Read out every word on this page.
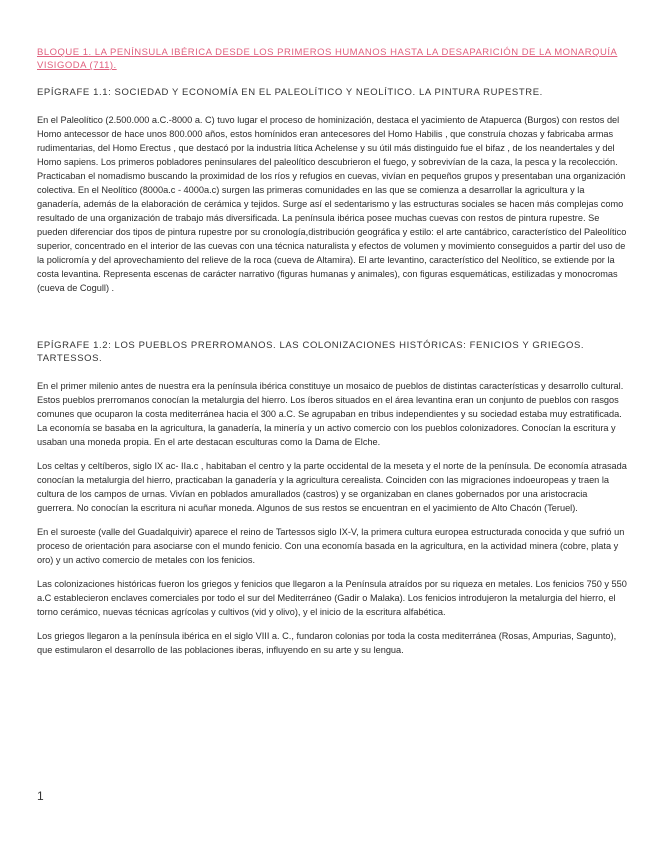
BLOQUE 1. LA PENÍNSULA IBÉRICA DESDE LOS PRIMEROS HUMANOS HASTA LA DESAPARICIÓN DE LA MONARQUÍA VISIGODA (711).
EPÍGRAFE 1.1: SOCIEDAD Y ECONOMÍA EN EL PALEOLÍTICO Y NEOLÍTICO. LA PINTURA RUPESTRE.

En el Paleolítico (2.500.000 a.C.-8000 a. C) tuvo lugar el proceso de hominización, destaca el yacimiento de Atapuerca (Burgos) con restos del Homo antecessor de hace unos 800.000 años, estos homínidos eran antecesores del Homo Habilis , que construía chozas y fabricaba armas rudimentarias, del Homo Erectus , que destacó por la industria lítica Achelense y su útil más distinguido fue el bifaz , de los neandertales y del Homo sapiens. Los primeros pobladores peninsulares del paleolítico descubrieron el fuego, y sobrevivían de la caza, la pesca y la recolección. Practicaban el nomadismo buscando la proximidad de los ríos y refugios en cuevas, vivían en pequeños grupos y presentaban una organización colectiva. En el Neolítico (8000a.c - 4000a.c) surgen las primeras comunidades en las que se comienza a desarrollar la agricultura y la ganadería, además de la elaboración de cerámica y tejidos. Surge así el sedentarismo y las estructuras sociales se hacen más complejas como resultado de una organización de trabajo más diversificada. La península ibérica posee muchas cuevas con restos de pintura rupestre. Se pueden diferenciar dos tipos de pintura rupestre por su cronología,distribución geográfica y estilo: el arte cantábrico, característico del Paleolítico superior, concentrado en el interior de las cuevas con una técnica naturalista y efectos de volumen y movimiento conseguidos a partir del uso de la policromía y del aprovechamiento del relieve de la roca (cueva de Altamira). El arte levantino, característico del Neolítico, se extiende por la costa levantina. Representa escenas de carácter narrativo (figuras humanas y animales), con figuras esquemáticas, estilizadas y monocromas (cueva de Cogull) .

EPÍGRAFE 1.2: LOS PUEBLOS PRERROMANOS. LAS COLONIZACIONES HISTÓRICAS: FENICIOS Y GRIEGOS. TARTESSOS.

En el primer milenio antes de nuestra era la península ibérica constituye un mosaico de pueblos de distintas características y desarrollo cultural. Estos pueblos prerromanos conocían la metalurgia del hierro. Los íberos situados en el área levantina eran un conjunto de pueblos con rasgos comunes que ocuparon la costa mediterránea hacia el 300 a.C. Se agrupaban en tribus independientes y su sociedad estaba muy estratificada. La economía se basaba en la agricultura, la ganadería, la minería y un activo comercio con los pueblos colonizadores. Conocían la escritura y usaban una moneda propia. En el arte destacan esculturas como la Dama de Elche.

Los celtas y celtíberos, siglo IX ac- IIa.c , habitaban el centro y la parte occidental de la meseta y el norte de la península. De economía atrasada conocían la metalurgia del hierro, practicaban la ganadería y la agricultura cerealista. Coinciden con las migraciones indoeuropeas y traen la cultura de los campos de urnas. Vivían en poblados amurallados (castros) y se organizaban en clanes gobernados por una aristocracia guerrera. No conocían la escritura ni acuñar moneda. Algunos de sus restos se encuentran en el yacimiento de Alto Chacón (Teruel).

En el suroeste (valle del Guadalquivir) aparece el reino de Tartessos siglo IX-V, la primera cultura europea estructurada conocida y que sufrió un proceso de orientación para asociarse con el mundo fenicio. Con una economía basada en la agricultura, en la actividad minera (cobre, plata y oro) y un activo comercio de metales con los fenicios.

Las colonizaciones históricas fueron los griegos y fenicios que llegaron a la Península atraídos por su riqueza en metales. Los fenicios 750 y 550 a.C establecieron enclaves comerciales por todo el sur del Mediterráneo (Gadir o Malaka). Los fenicios introdujeron la metalurgia del hierro, el torno cerámico, nuevas técnicas agrícolas y cultivos (vid y olivo), y el inicio de la escritura alfabética.

Los griegos llegaron a la península ibérica en el siglo VIII a. C., fundaron colonias por toda la costa mediterránea (Rosas, Ampurias, Sagunto), que estimularon el desarrollo de las poblaciones iberas, influyendo en su arte y su lengua.

1
